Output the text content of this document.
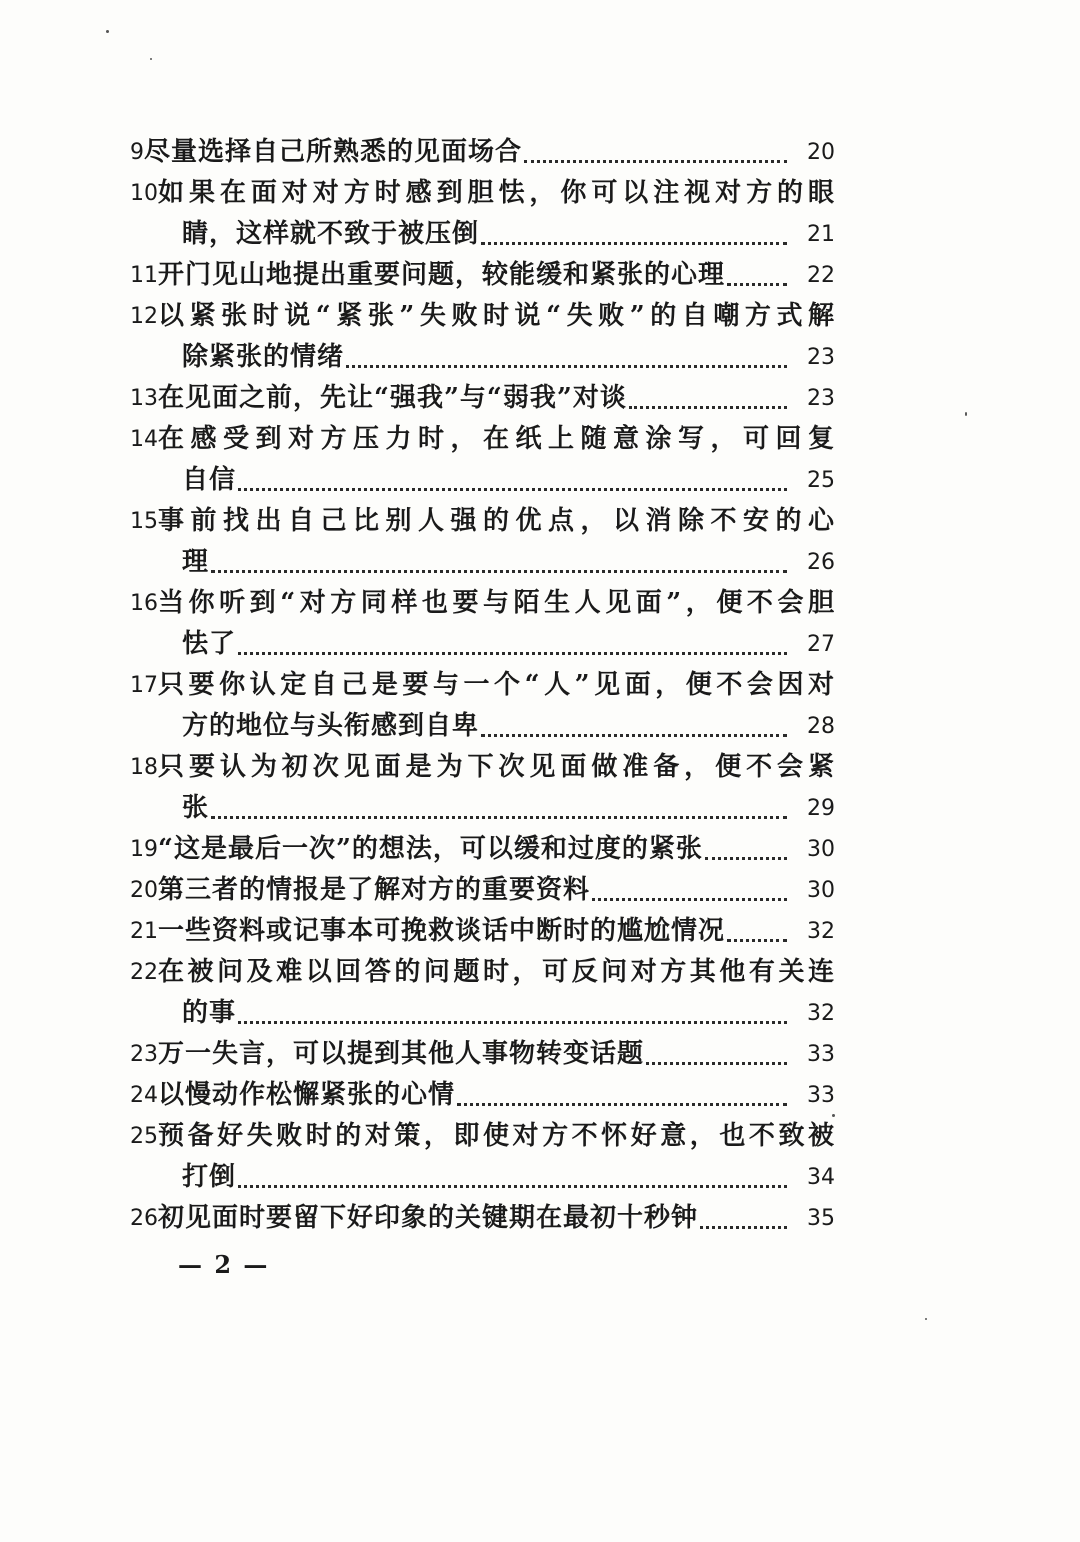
9 尽量选择自己所熟悉的见面场合	20
10 如果在面对对方时感到胆怯，你可以注视对方的眼
睛，这样就不致于被压倒	21
11 开门见山地提出重要问题，较能缓和紧张的心理	22
12 以紧张时说“紧张”失败时说“失败”的自嘲方式解
除紧张的情绪	23
13 在见面之前，先让“强我”与“弱我”对谈	23
14 在感受到对方压力时，在纸上随意涂写，可回复
自信	25
15 事前找出自己比别人强的优点，以消除不安的心
理	26
16 当你听到“对方同样也要与陌生人见面”，便不会胆
怯了	27
17 只要你认定自己是要与一个“人”见面，便不会因对
方的地位与头衔感到自卑	28
18 只要认为初次见面是为下次见面做准备，便不会紧
张	29
19 “这是最后一次”的想法，可以缓和过度的紧张	30
20 第三者的情报是了解对方的重要资料	30
21 一些资料或记事本可挽救谈话中断时的尴尬情况	32
22 在被问及难以回答的问题时，可反问对方其他有关连
的事	32
23 万一失言，可以提到其他人事物转变话题	33
24 以慢动作松懈紧张的心情	33
25 预备好失败时的对策，即使对方不怀好意，也不致被
打倒	34
26 初见面时要留下好印象的关键期在最初十秒钟	35
— 2 —
